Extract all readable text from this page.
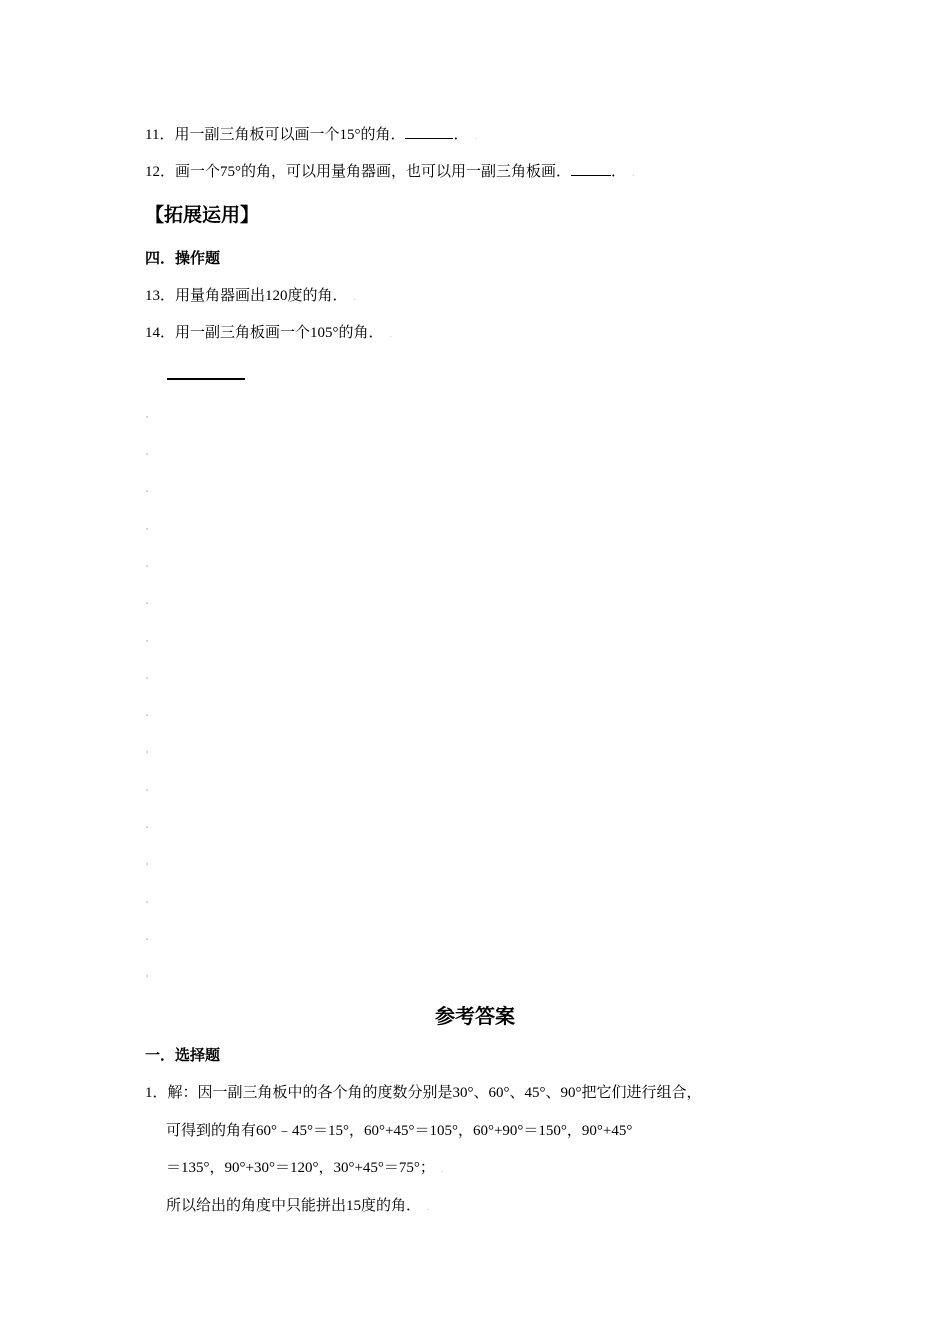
11．用一副三角板可以画一个15°的角．	． .
12．画一个75°的角，可以用量角器画，也可以用一副三角板画．	． .
【拓展运用】
四．操作题
13．用量角器画出120度的角． .
14．用一副三角板画一个105°的角． .
参考答案
一．选择题
1．解：因一副三角板中的各个角的度数分别是30°、60°、45°、90°把它们进行组合，
可得到的角有60°﹣45°＝15°，60°+45°＝105°，60°+90°＝150°，90°+45°
＝135°，90°+30°＝120°，30°+45°＝75°； .
所以给出的角度中只能拼出15度的角． .
